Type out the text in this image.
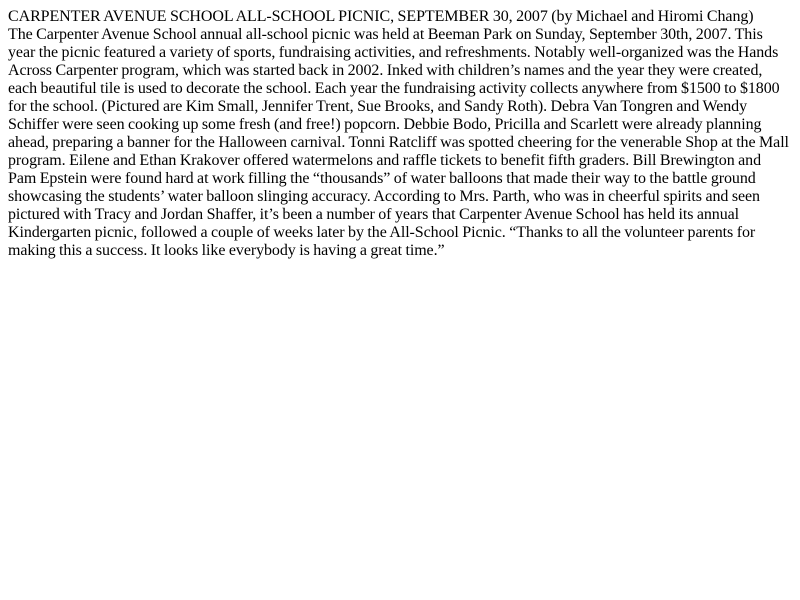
CARPENTER AVENUE SCHOOL ALL-SCHOOL PICNIC, SEPTEMBER 30, 2007 (by Michael and Hiromi Chang)
The Carpenter Avenue School annual all-school picnic was held at Beeman Park on Sunday, September 30th, 2007. This year the picnic featured a variety of sports, fundraising activities, and refreshments. Notably well-organized was the Hands Across Carpenter program, which was started back in 2002. Inked with children’s names and the year they were created, each beautiful tile is used to decorate the school. Each year the fundraising activity collects anywhere from $1500 to $1800 for the school. (Pictured are Kim Small, Jennifer Trent, Sue Brooks, and Sandy Roth). Debra Van Tongren and Wendy Schiffer were seen cooking up some fresh (and free!) popcorn. Debbie Bodo, Pricilla and Scarlett were already planning ahead, preparing a banner for the Halloween carnival. Tonni Ratcliff was spotted cheering for the venerable Shop at the Mall program. Eilene and Ethan Krakover offered watermelons and raffle tickets to benefit fifth graders. Bill Brewington and Pam Epstein were found hard at work filling the “thousands” of water balloons that made their way to the battle ground showcasing the students’ water balloon slinging accuracy. According to Mrs. Parth, who was in cheerful spirits and seen pictured with Tracy and Jordan Shaffer, it’s been a number of years that Carpenter Avenue School has held its annual Kindergarten picnic, followed a couple of weeks later by the All-School Picnic. “Thanks to all the volunteer parents for making this a success. It looks like everybody is having a great time.”
